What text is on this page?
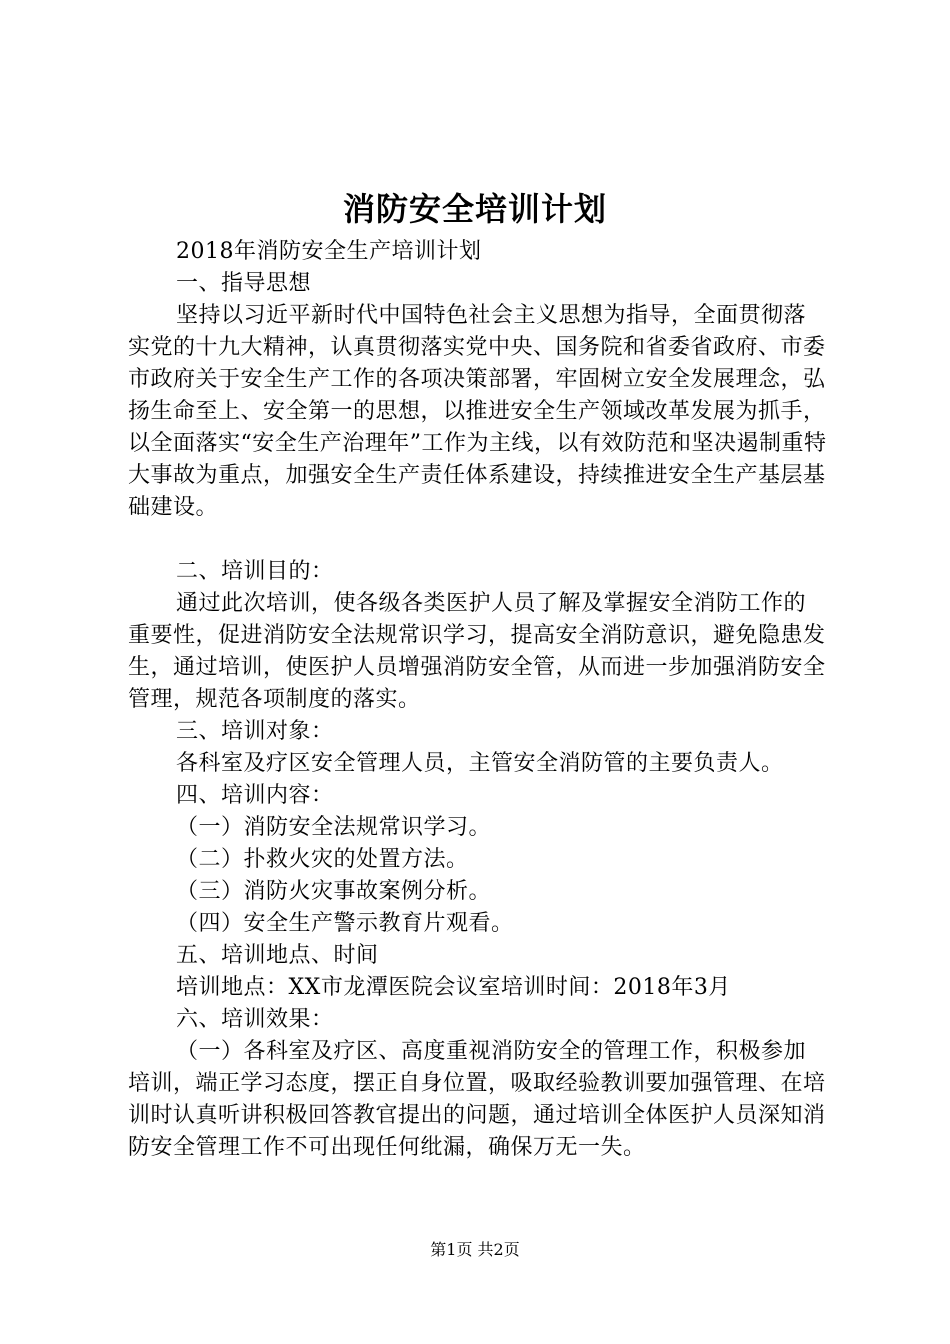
消防安全培训计划

2018年消防安全生产培训计划

一、指导思想

坚持以习近平新时代中国特色社会主义思想为指导，全面贯彻落实党的十九大精神，认真贯彻落实党中央、国务院和省委省政府、市委市政府关于安全生产工作的各项决策部署，牢固树立安全发展理念，弘扬生命至上、安全第一的思想，以推进安全生产领域改革发展为抓手，以全面落实“安全生产治理年”工作为主线，以有效防范和坚决遏制重特大事故为重点，加强安全生产责任体系建设，持续推进安全生产基层基础建设。

二、培训目的：

通过此次培训，使各级各类医护人员了解及掌握安全消防工作的重要性，促进消防安全法规常识学习，提高安全消防意识，避免隐患发生，通过培训，使医护人员增强消防安全管，从而进一步加强消防安全管理，规范各项制度的落实。

三、培训对象：

各科室及疗区安全管理人员，主管安全消防管的主要负责人。

四、培训内容：

（一）消防安全法规常识学习。

（二）扑救火灾的处置方法。

（三）消防火灾事故案例分析。

（四）安全生产警示教育片观看。

五、培训地点、时间

培训地点：XX市龙潭医院会议室培训时间：2018年3月

六、培训效果：

（一）各科室及疗区、高度重视消防安全的管理工作，积极参加培训，端正学习态度，摆正自身位置，吸取经验教训要加强管理、在培训时认真听讲积极回答教官提出的问题，通过培训全体医护人员深知消防安全管理工作不可出现任何纰漏，确保万无一失。

第1页 共2页
